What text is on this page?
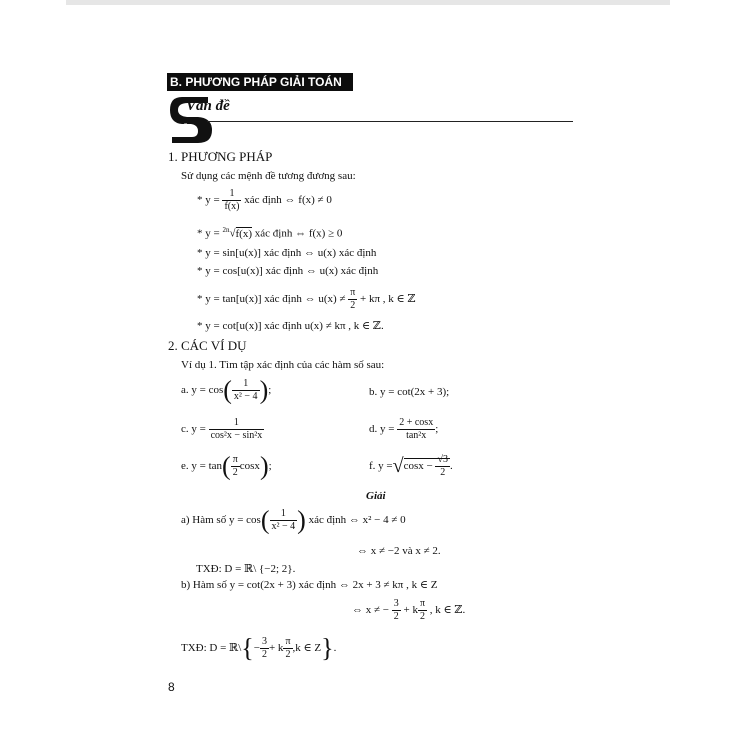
B. PHƯƠNG PHÁP GIẢI TOÁN
Vấn đề
1
1. PHƯƠNG PHÁP
Sử dụng các mệnh đề tương đương sau:
* $y = \frac{1}{f(x)}$ xác định ⇔ f(x) ≠ 0
* y = $^{2n}$√f(x) xác định ⇔ f(x) ≥ 0
* y = sin[u(x)] xác định ⇔ u(x) xác định
* y = cos[u(x)] xác định ⇔ u(x) xác định
* y = tan[u(x)] xác định ⇔ $u(x) \ne \frac{\pi}{2} + k\pi$ , k ∈ ℤ
* y = cot[u(x)] xác định u(x) ≠ kπ , k ∈ ℤ.
2. CÁC VÍ DỤ
Ví dụ 1. Tìm tập xác định của các hàm số sau:
a. $y = \cos( \frac{1}{\text{x² − 4}}$ );	b. y = cot(2x + 3);
c. $y = \frac{1}{\text{cos²x − sin²x}}$	d. $y = \frac{2 + \cos x}{\text{tan²x}}$ ;
e. $y = \tan( \frac{\pi}{2} \cos x)$;	f. $y =√\cos x - \frac{√3}{2}$ .
Giải
a) Hàm số $y = \cos( \frac{1}{\text{x² − 4}}$ ) xác định ⇔ x² − 4 ≠ 0
⇔ x ≠ −2 và x ≠ 2.
TXĐ: D = ℝ\ {−2; 2}.
b) Hàm số y = cot(2x + 3) xác định ⇔ 2x + 3 ≠ kπ , k ∈ Z
⇔ x ≠ − $\frac{3}{2} + k \frac{\pi}{2}$ , k ∈ ℤ.
TXĐ: D = ℝ\{− $\frac{3}{2} + k \frac{\pi}{2} ,k$ ∈ Z}.
8
